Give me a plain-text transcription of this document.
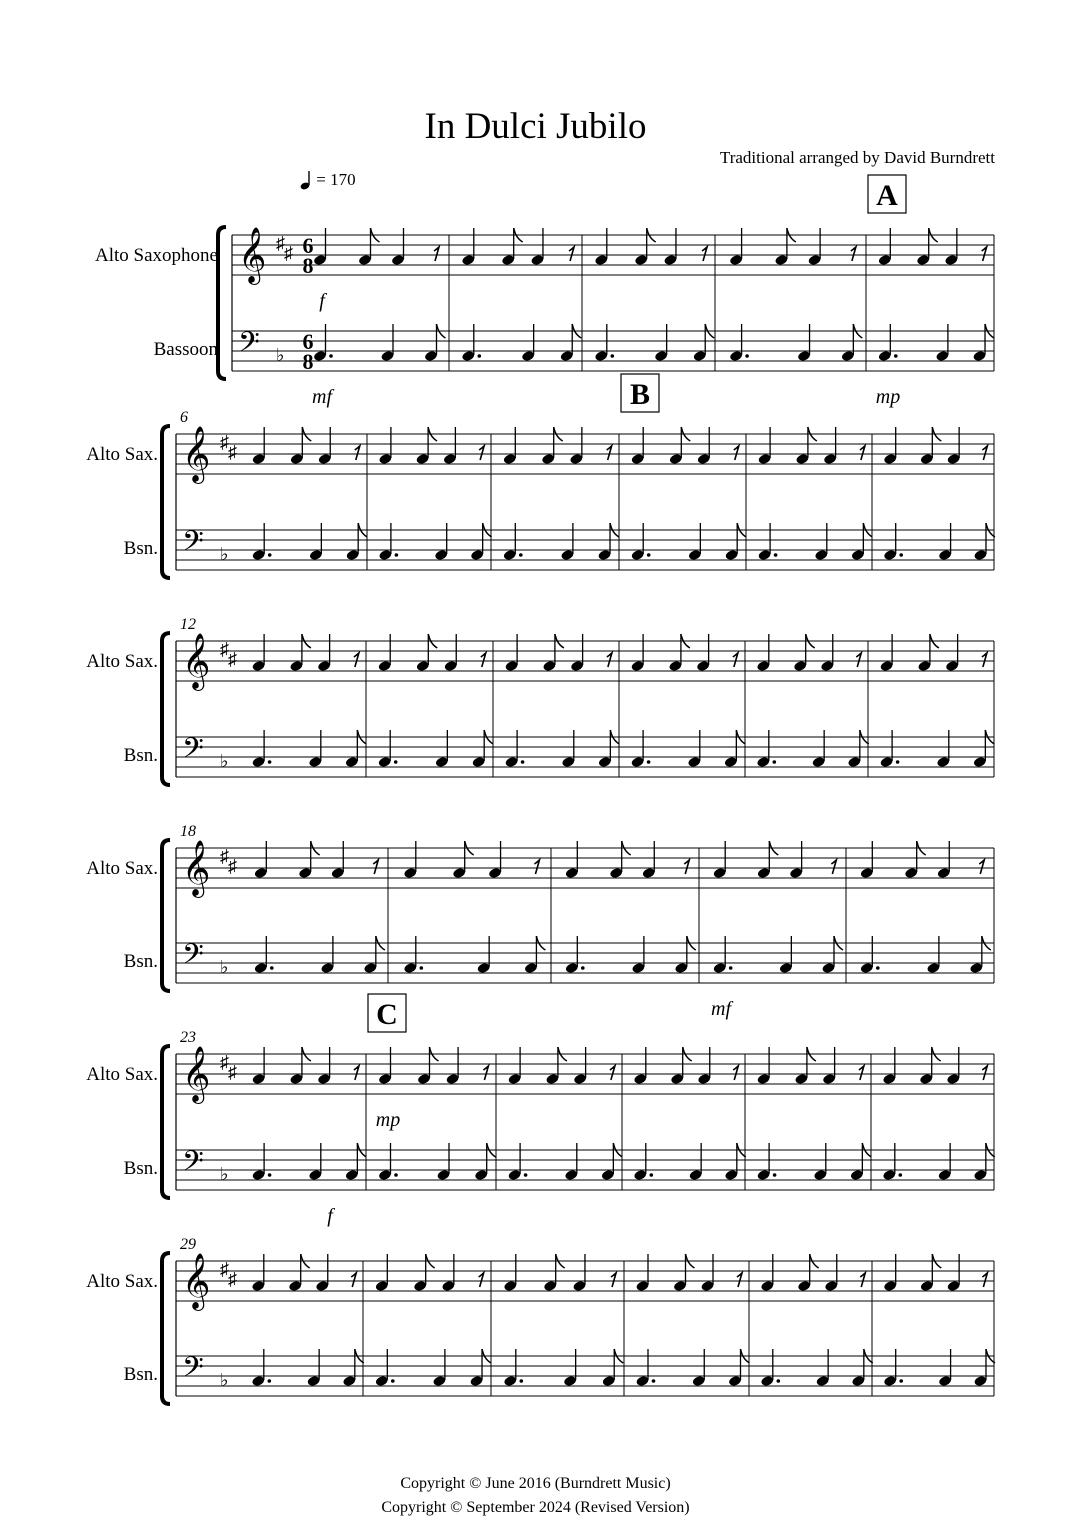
In Dulci Jubilo
Traditional arranged by David Burndrett
= 170
𝄞
𝄢
♯ ♯
♭
6
8
6
8
Alto Saxophone
Bassoon
𝄞
𝄢
♯ ♯
♭
Alto Sax.
Bsn.
6
𝄞
𝄢
♯ ♯
♭
Alto Sax.
Bsn.
12
𝄞
𝄢
♯ ♯
♭
Alto Sax.
Bsn.
18
𝄞
𝄢
♯ ♯
♭
Alto Sax.
Bsn.
23
𝄞
𝄢
♯ ♯
♭
Alto Sax.
Bsn.
29
A
B
C
f
mf	mp
mf
mp
f
Copyright © June 2016 (Burndrett Music)
Copyright © September 2024 (Revised Version)
